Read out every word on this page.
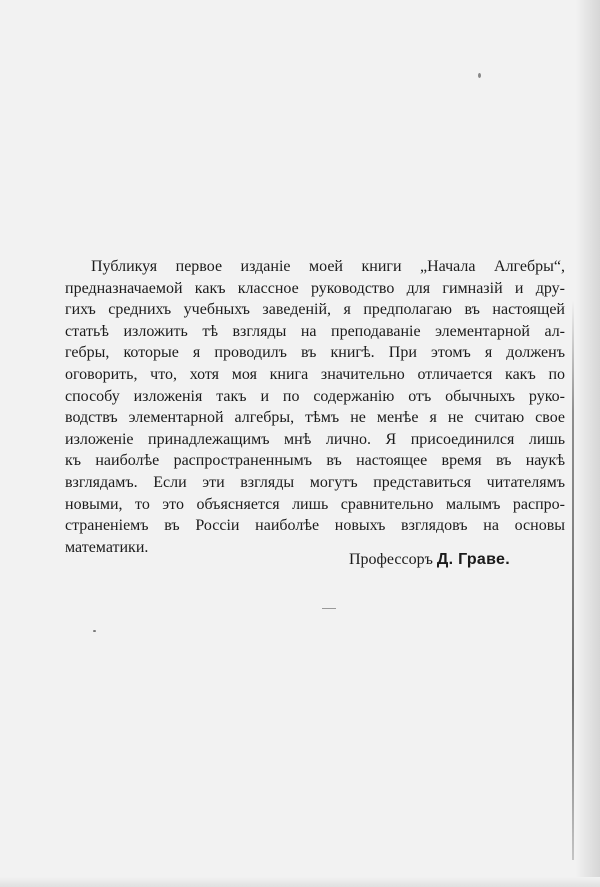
Публикуя первое изданіе моей книги „Начала Алгебры“,
предназначаемой какъ классное руководство для гимназій и дру-
гихъ среднихъ учебныхъ заведеній, я предполагаю въ настоящей
статьѣ изложить тѣ взгляды на преподаваніе элементарной ал-
гебры, которые я проводилъ въ книгѣ. При этомъ я долженъ
оговорить, что, хотя моя книга значительно отличается какъ по
способу изложенія такъ и по содержанію отъ обычныхъ руко-
водствъ элементарной алгебры, тѣмъ не менѣе я не считаю свое
изложеніе принадлежащимъ мнѣ лично. Я присоединился лишь
къ наиболѣе распространеннымъ въ настоящее время въ наукѣ
взглядамъ. Если эти взгляды могутъ представиться читателямъ
новыми, то это объясняется лишь сравнительно малымъ распро-
страненіемъ въ Россіи наиболѣе новыхъ взглядовъ на основы
математики.
Профессоръ Д. Граве.
